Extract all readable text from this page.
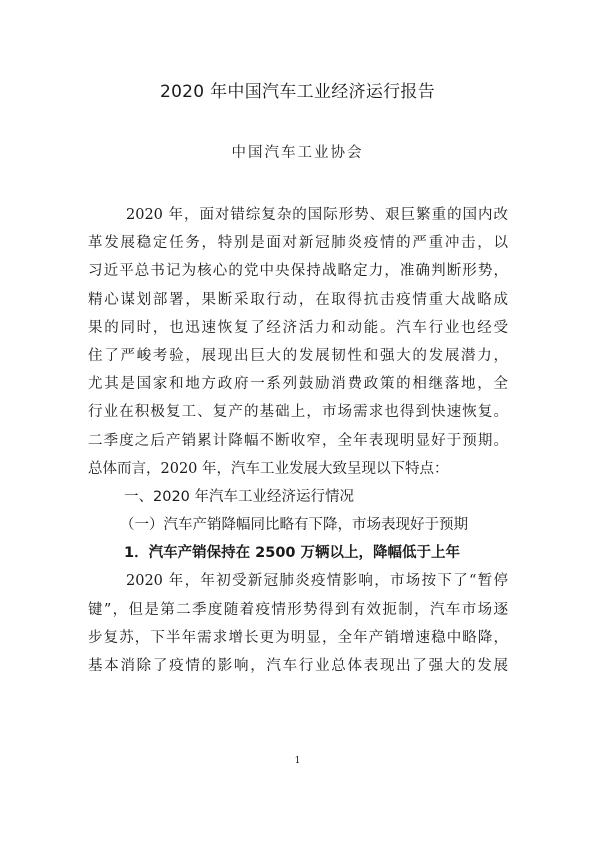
2020 年中国汽车工业经济运行报告
中国汽车工业协会
2020 年，面对错综复杂的国际形势、艰巨繁重的国内改
革发展稳定任务，特别是面对新冠肺炎疫情的严重冲击，以
习近平总书记为核心的党中央保持战略定力，准确判断形势，
精心谋划部署，果断采取行动，在取得抗击疫情重大战略成
果的同时，也迅速恢复了经济活力和动能。汽车行业也经受
住了严峻考验，展现出巨大的发展韧性和强大的发展潜力，
尤其是国家和地方政府一系列鼓励消费政策的相继落地，全
行业在积极复工、复产的基础上，市场需求也得到快速恢复。
二季度之后产销累计降幅不断收窄，全年表现明显好于预期。
总体而言，2020 年，汽车工业发展大致呈现以下特点：
一、2020 年汽车工业经济运行情况
（一）汽车产销降幅同比略有下降，市场表现好于预期
1．汽车产销保持在 2500 万辆以上，降幅低于上年
2020 年，年初受新冠肺炎疫情影响，市场按下了“暂停
键”，但是第二季度随着疫情形势得到有效扼制，汽车市场逐
步复苏，下半年需求增长更为明显，全年产销增速稳中略降，
基本消除了疫情的影响，汽车行业总体表现出了强大的发展
1
